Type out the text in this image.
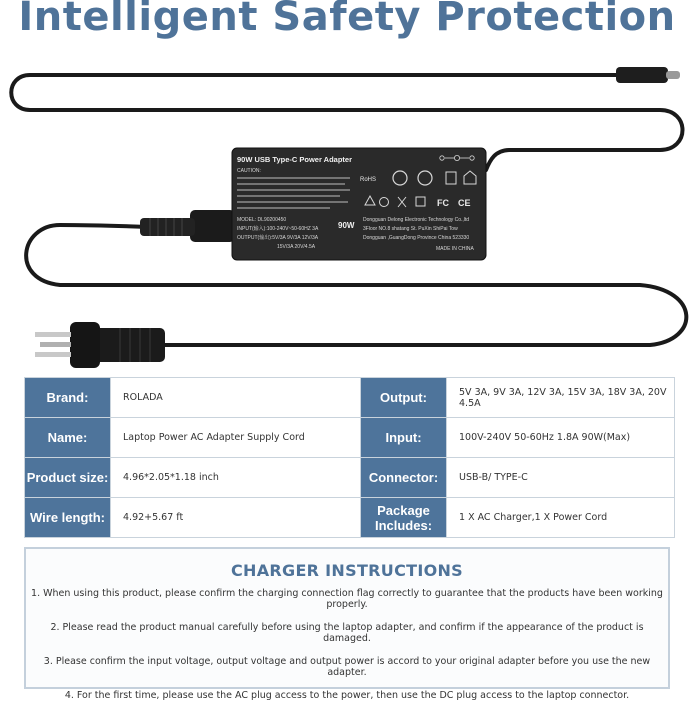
Intelligent Safety Protection
90W USB Type-C Power Adapter
CAUTION:
MODEL: DL90200450
INPUT(输入):100-240V~50-60HZ 3A
OUTPUT(输出):5V/3A 9V/3A 12V/3A
15V/3A 20V/4.5A
90W
RoHS
FC CE
Dongguan Delong Electronic Technology Co.,ltd
3Floor NO.8 shatang St. PuXin ShiPai Tow
Dongguan ,GuangDong Province China 523330
MADE IN CHINA
Brand:	ROLADA	Output:	5V 3A, 9V 3A, 12V 3A, 15V 3A, 18V 3A, 20V 4.5A
Name:	Laptop Power AC Adapter Supply Cord	Input:	100V-240V 50-60Hz 1.8A 90W(Max)
Product size:	4.96*2.05*1.18 inch	Connector:	USB-B/ TYPE-C
Wire length:	4.92+5.67 ft	Package Includes:	1 X AC Charger,1 X Power Cord
CHARGER INSTRUCTIONS

1. When using this product, please confirm the charging connection flag correctly to guarantee that the products have been working properly.

2. Please read the product manual carefully before using the laptop adapter, and confirm if the appearance of the product is damaged.

3. Please confirm the input voltage, output voltage and output power is accord to your original adapter before you use the new adapter.

4. For the first time, please use the AC plug access to the power, then use the DC plug access to the laptop connector.
